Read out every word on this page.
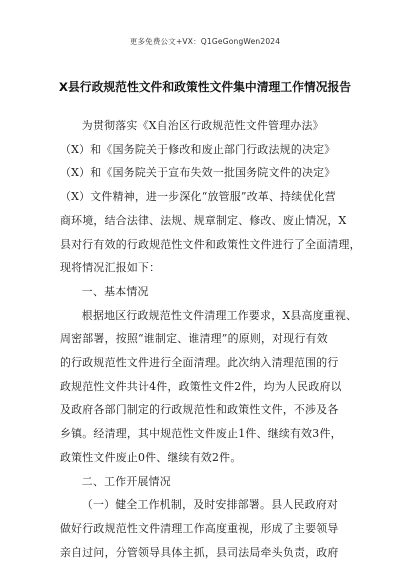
更多免费公文+VX：Q1GeGongWen2024
X县行政规范性文件和政策性文件集中清理工作情况报告
为贯彻落实《X自治区行政规范性文件管理办法》
（X）和《国务院关于修改和废止部门行政法规的决定》
（X）和《国务院关于宣布失效一批国务院文件的决定》
（X）文件精神，进一步深化“放管服”改革、持续优化营
商环境，结合法律、法规、规章制定、修改、废止情况，X
县对行有效的行政规范性文件和政策性文件进行了全面清理，
现将情况汇报如下：
一、基本情况
根据地区行政规范性文件清理工作要求，X县高度重视、
周密部署，按照“谁制定、谁清理”的原则，对现行有效
的行政规范性文件进行全面清理。此次纳入清理范围的行
政规范性文件共计4件，政策性文件2件，均为人民政府以
及政府各部门制定的行政规范性和政策性文件，不涉及各
乡镇。经清理，其中规范性文件废止1件、继续有效3件，
政策性文件废止0件、继续有效2件。
二、工作开展情况
（一）健全工作机制，及时安排部署。县人民政府对
做好行政规范性文件清理工作高度重视，形成了主要领导
亲自过问，分管领导具体主抓，县司法局牵头负责，政府
